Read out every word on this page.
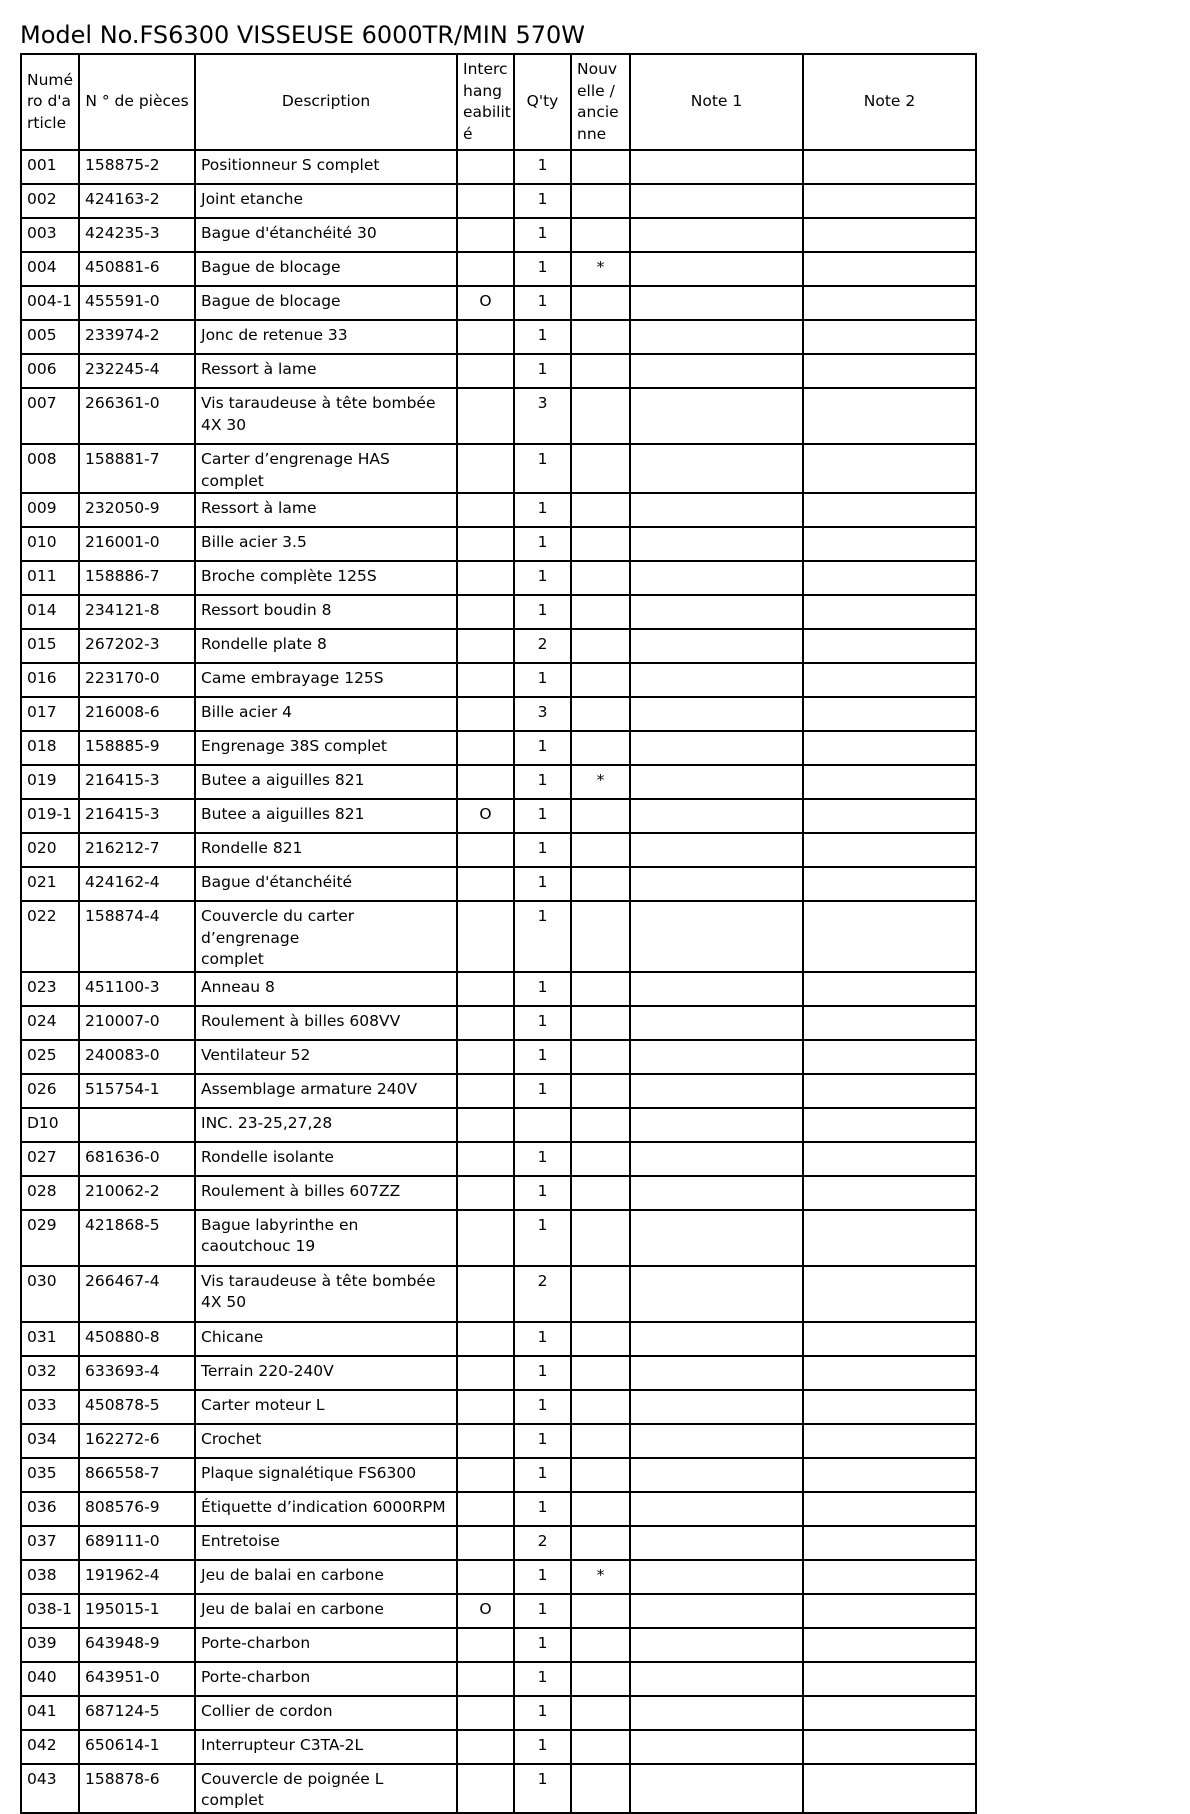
Model No.FS6300 VISSEUSE 6000TR/MIN 570W
Numé
ro d'a
rticle	N ° de pièces	Description	Interc
hang
eabilit
é	Q'ty	Nouv
elle /
ancie
nne	Note 1	Note 2
001	158875-2	Positionneur S complet		1			
002	424163-2	Joint etanche		1			
003	424235-3	Bague d'étanchéité 30		1			
004	450881-6	Bague de blocage		1	*		
004-1	455591-0	Bague de blocage	O	1			
005	233974-2	Jonc de retenue 33		1			
006	232245-4	Ressort à lame		1			
007	266361-0	Vis taraudeuse à tête bombée 4X 30		3			
008	158881-7	Carter d’engrenage HAS complet		1			
009	232050-9	Ressort à lame		1			
010	216001-0	Bille acier 3.5		1			
011	158886-7	Broche complète 125S		1			
014	234121-8	Ressort boudin 8		1			
015	267202-3	Rondelle plate 8		2			
016	223170-0	Came embrayage 125S		1			
017	216008-6	Bille acier 4		3			
018	158885-9	Engrenage 38S complet		1			
019	216415-3	Butee a aiguilles 821		1	*		
019-1	216415-3	Butee a aiguilles 821	O	1			
020	216212-7	Rondelle 821		1			
021	424162-4	Bague d'étanchéité		1			
022	158874-4	Couvercle du carter d’engrenage
complet		1			
023	451100-3	Anneau 8		1			
024	210007-0	Roulement à billes 608VV		1			
025	240083-0	Ventilateur 52		1			
026	515754-1	Assemblage armature 240V		1			
D10		INC. 23-25,27,28					
027	681636-0	Rondelle isolante		1			
028	210062-2	Roulement à billes 607ZZ		1			
029	421868-5	Bague labyrinthe en caoutchouc 19		1			
030	266467-4	Vis taraudeuse à tête bombée 4X 50		2			
031	450880-8	Chicane		1			
032	633693-4	Terrain 220-240V		1			
033	450878-5	Carter moteur L		1			
034	162272-6	Crochet		1			
035	866558-7	Plaque signalétique FS6300		1			
036	808576-9	Étiquette d’indication 6000RPM		1			
037	689111-0	Entretoise		2			
038	191962-4	Jeu de balai en carbone		1	*		
038-1	195015-1	Jeu de balai en carbone	O	1			
039	643948-9	Porte-charbon		1			
040	643951-0	Porte-charbon		1			
041	687124-5	Collier de cordon		1			
042	650614-1	Interrupteur C3TA-2L		1			
043	158878-6	Couvercle de poignée L complet		1			
